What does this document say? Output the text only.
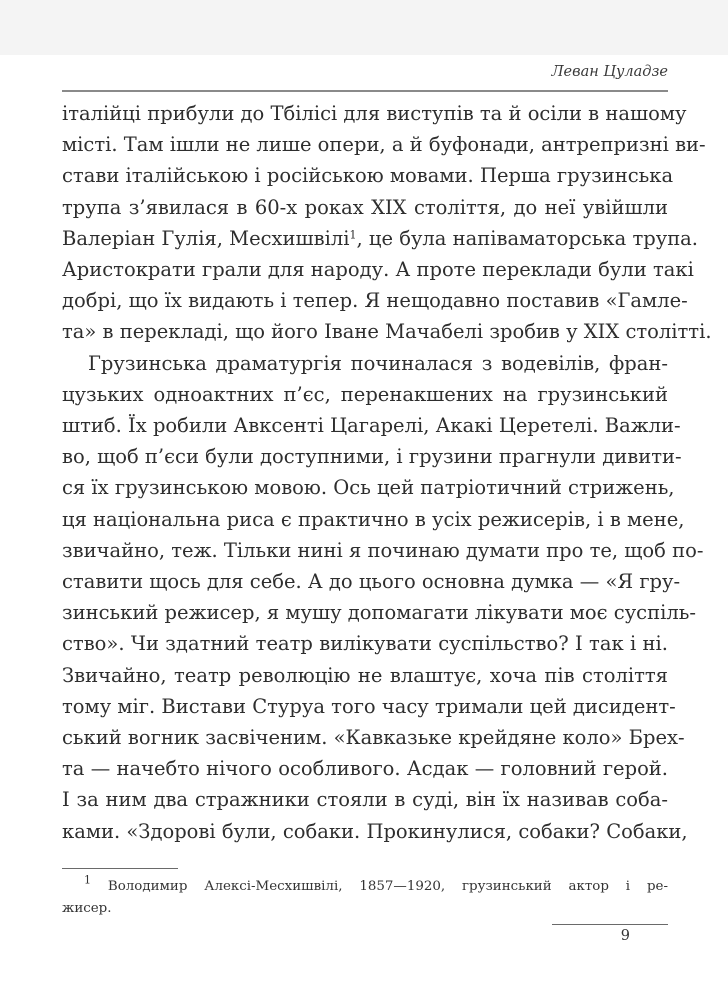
Леван Цуладзе
італійці прибули до Тбілісі для виступів та й осіли в нашому
місті. Там ішли не лише опери, а й буфонади, антрепризні ви-
стави італійською і російською мовами. Перша грузинська
трупа з’явилася в 60-х роках XIX століття, до неї увійшли
Валеріан Гулія, Месхишвілі$^1$, це була напіваматорська трупа.
Аристократи грали для народу. А проте переклади були такі
добрі, що їх видають і тепер. Я нещодавно поставив «Гамле-
та» в перекладі, що його Іване Мачабелі зробив у XIX столітті.
Грузинська драматургія починалася з водевілів, фран-
цузьких одноактних п’єс, перенакшених на грузинський
штиб. Їх робили Авксенті Цагарелі, Акакі Церетелі. Важли-
во, щоб п’єси були доступними, і грузини прагнули дивити-
ся їх грузинською мовою. Ось цей патріотичний стрижень,
ця національна риса є практично в усіх режисерів, і в мене,
звичайно, теж. Тільки нині я починаю думати про те, щоб по-
ставити щось для себе. А до цього основна думка — «Я гру-
зинський режисер, я мушу допомагати лікувати моє суспіль-
ство». Чи здатний театр вилікувати суспільство? І так і ні.
Звичайно, театр революцію не влаштує, хоча пів століття
тому міг. Вистави Стуруа того часу тримали цей дисидент-
ський вогник засвіченим. «Кавказьке крейдяне коло» Брех-
та — начебто нічого особливого. Асдак — головний герой.
І за ним два стражники стояли в суді, він їх називав соба-
ками. «Здорові були, собаки. Прокинулися, собаки? Собаки,
$^1$ Володимир Алексі-Месхишвілі, 1857—1920, грузинський актор і ре-
жисер.
9
